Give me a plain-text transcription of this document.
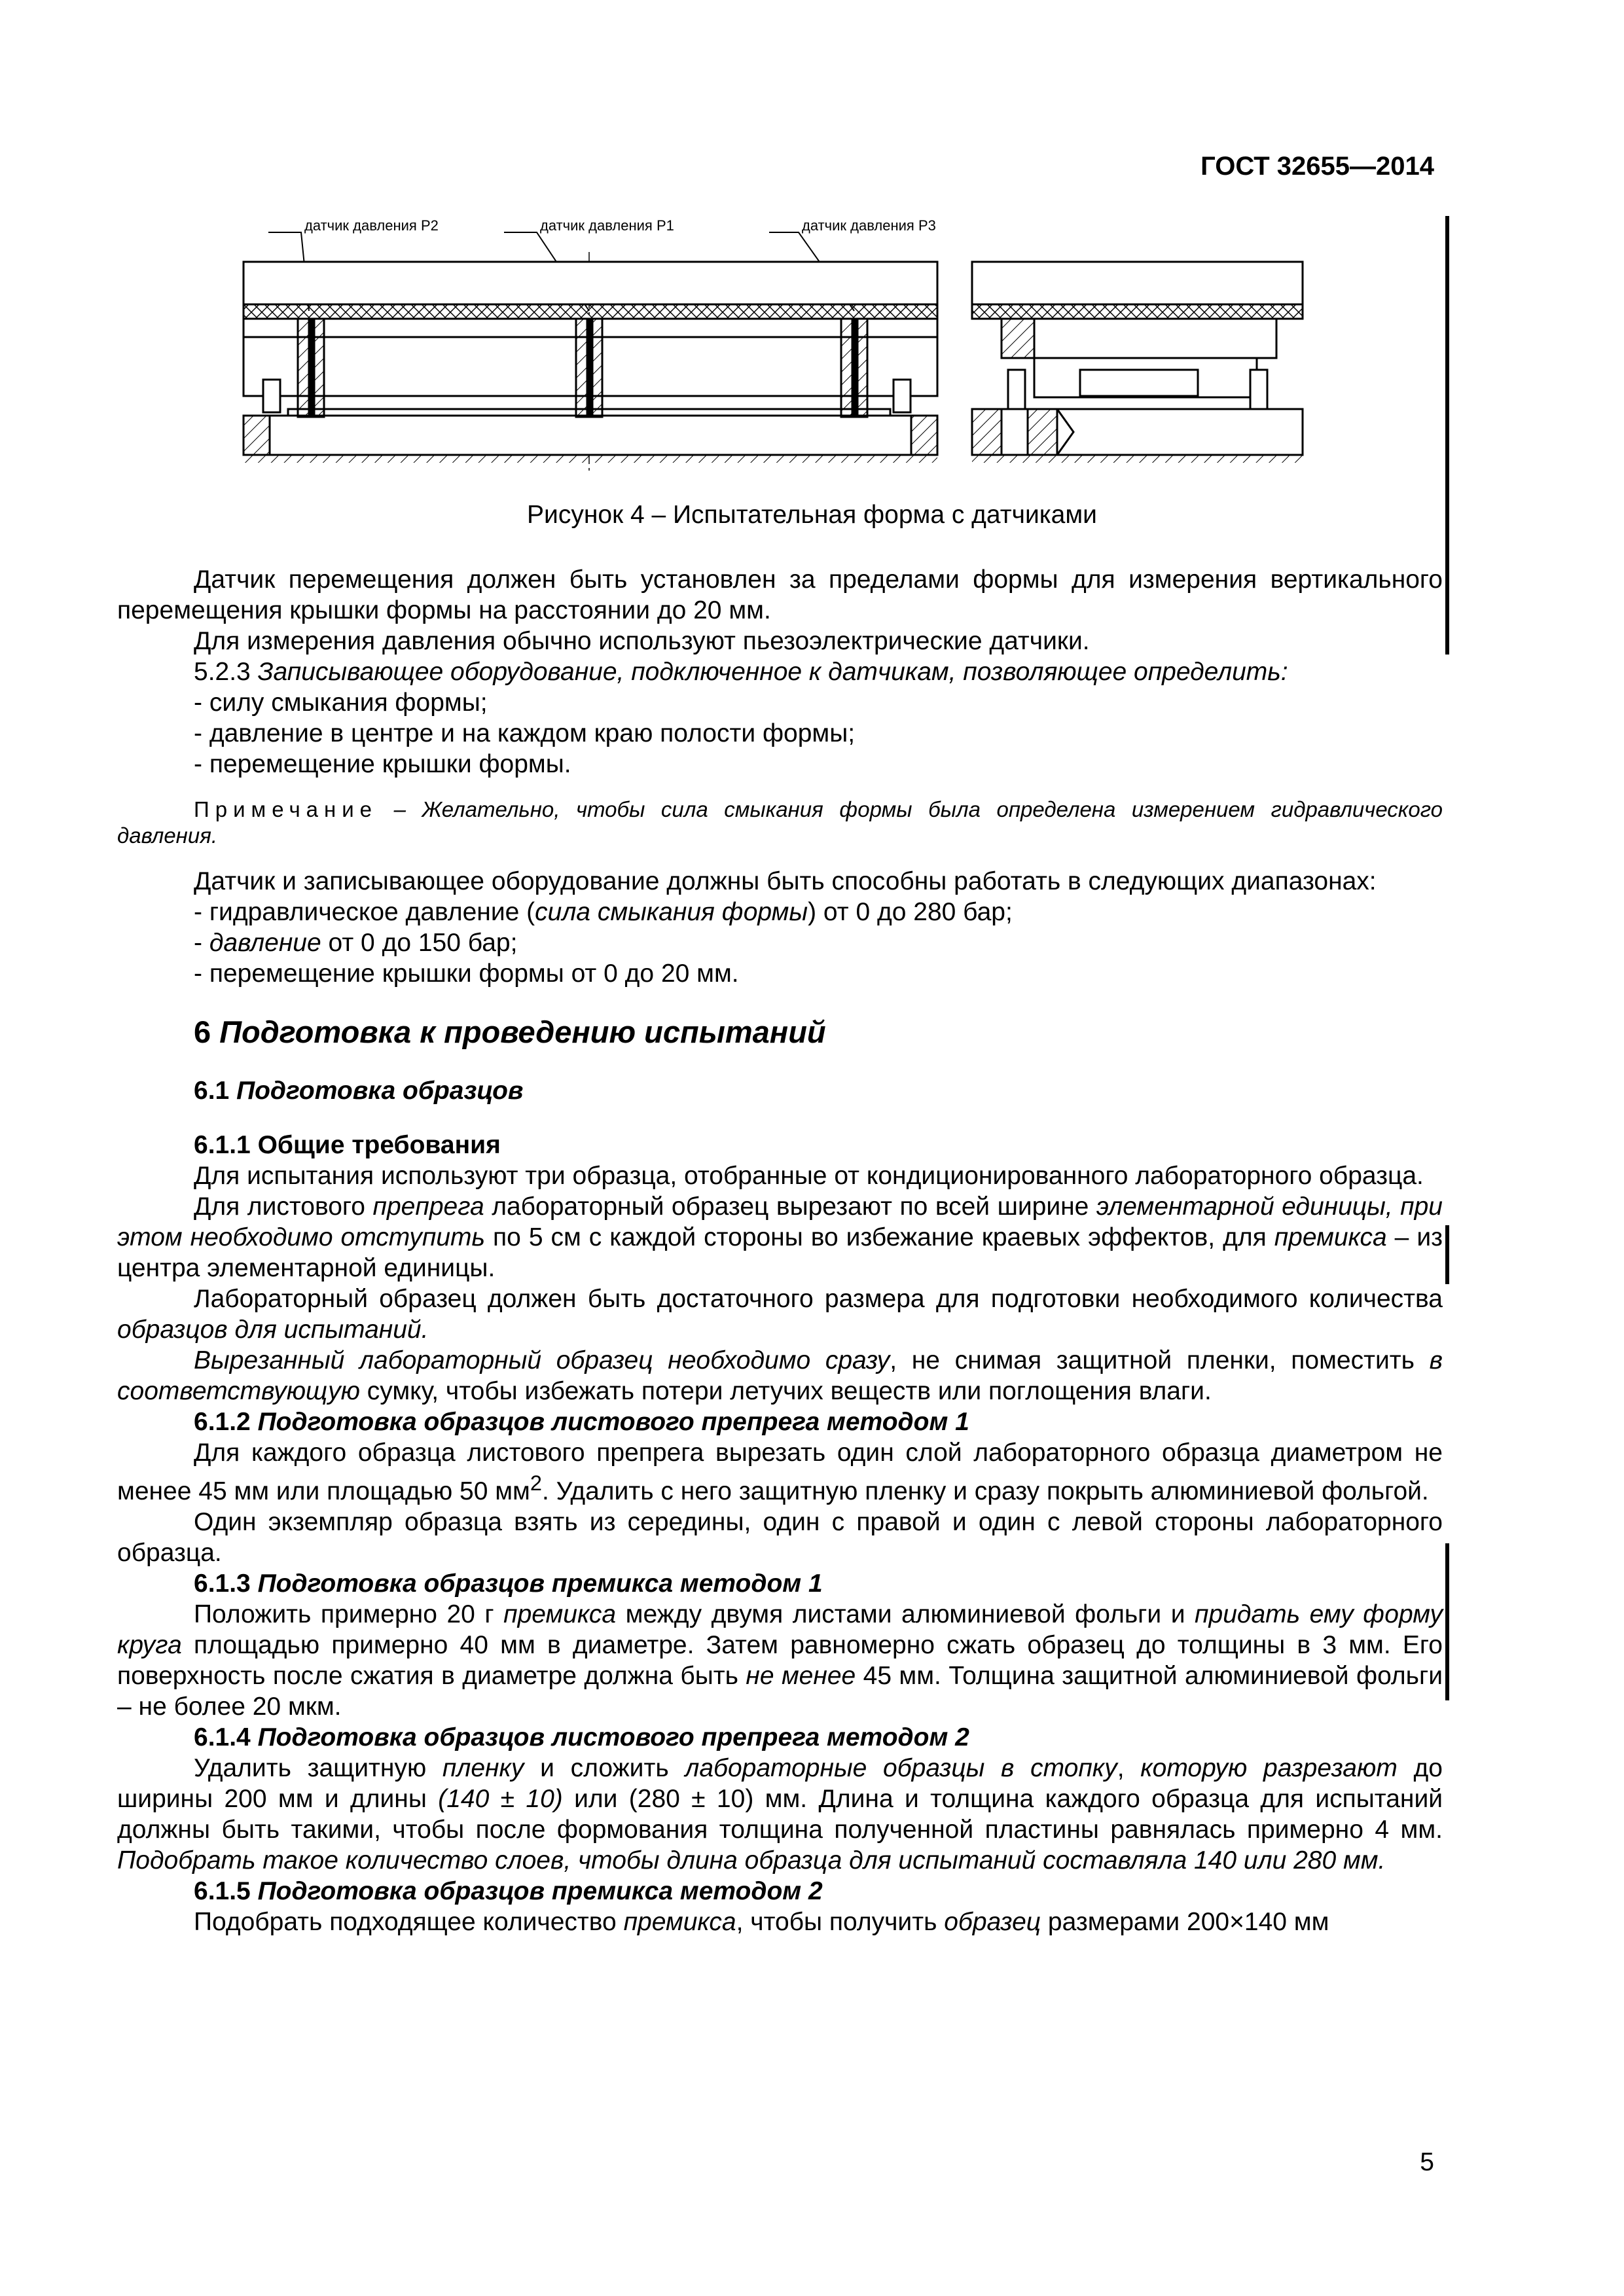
ГОСТ 32655—2014
датчик давления Р2	датчик давления Р1	датчик давления Р3
Рисунок 4 – Испытательная форма с датчиками

Датчик перемещения должен быть установлен за пределами формы для измерения вертикального перемещения крышки формы на расстоянии до 20 мм.

Для измерения давления обычно используют пьезоэлектрические датчики.

5.2.3 Записывающее оборудование, подключенное к датчикам, позволяющее определить:

- силу смыкания формы;

- давление в центре и на каждом краю полости формы;

- перемещение крышки формы.

Примечание – Желательно, чтобы сила смыкания формы была определена измерением гидравлического давления.

Датчик и записывающее оборудование должны быть способны работать в следующих диапазонах:

- гидравлическое давление (сила смыкания формы) от 0 до 280 бар;

- давление от 0 до 150 бар;

- перемещение крышки формы от 0 до 20 мм.

6 Подготовка к проведению испытаний
6.1 Подготовка образцов
6.1.1 Общие требования

Для испытания используют три образца, отобранные от кондиционированного лабораторного образца.

Для листового препрега лабораторный образец вырезают по всей ширине элементарной единицы, при этом необходимо отступить по 5 см с каждой стороны во избежание краевых эффектов, для премикса – из центра элементарной единицы.

Лабораторный образец должен быть достаточного размера для подготовки необходимого количества образцов для испытаний.

Вырезанный лабораторный образец необходимо сразу, не снимая защитной пленки, поместить в соответствующую сумку, чтобы избежать потери летучих веществ или поглощения влаги.

6.1.2 Подготовка образцов листового препрега методом 1

Для каждого образца листового препрега вырезать один слой лабораторного образца диаметром не менее 45 мм или площадью 50 $мм^2$. Удалить с него защитную пленку и сразу покрыть алюминиевой фольгой.

Один экземпляр образца взять из середины, один с правой и один с левой стороны лабораторного образца.

6.1.3 Подготовка образцов премикса методом 1

Положить примерно 20 г премикса между двумя листами алюминиевой фольги и придать ему форму круга площадью примерно 40 мм в диаметре. Затем равномерно сжать образец до толщины в 3 мм. Его поверхность после сжатия в диаметре должна быть не менее 45 мм. Толщина защитной алюминиевой фольги – не более 20 мкм.

6.1.4 Подготовка образцов листового препрега методом 2

Удалить защитную пленку и сложить лабораторные образцы в стопку, которую разрезают до ширины 200 мм и длины (140 ± 10) или (280 ± 10) мм. Длина и толщина каждого образца для испытаний должны быть такими, чтобы после формования толщина полученной пластины равнялась примерно 4 мм. Подобрать такое количество слоев, чтобы длина образца для испытаний составляла 140 или 280 мм.

6.1.5 Подготовка образцов премикса методом 2

Подобрать подходящее количество премикса, чтобы получить образец размерами 200×140 мм

5
